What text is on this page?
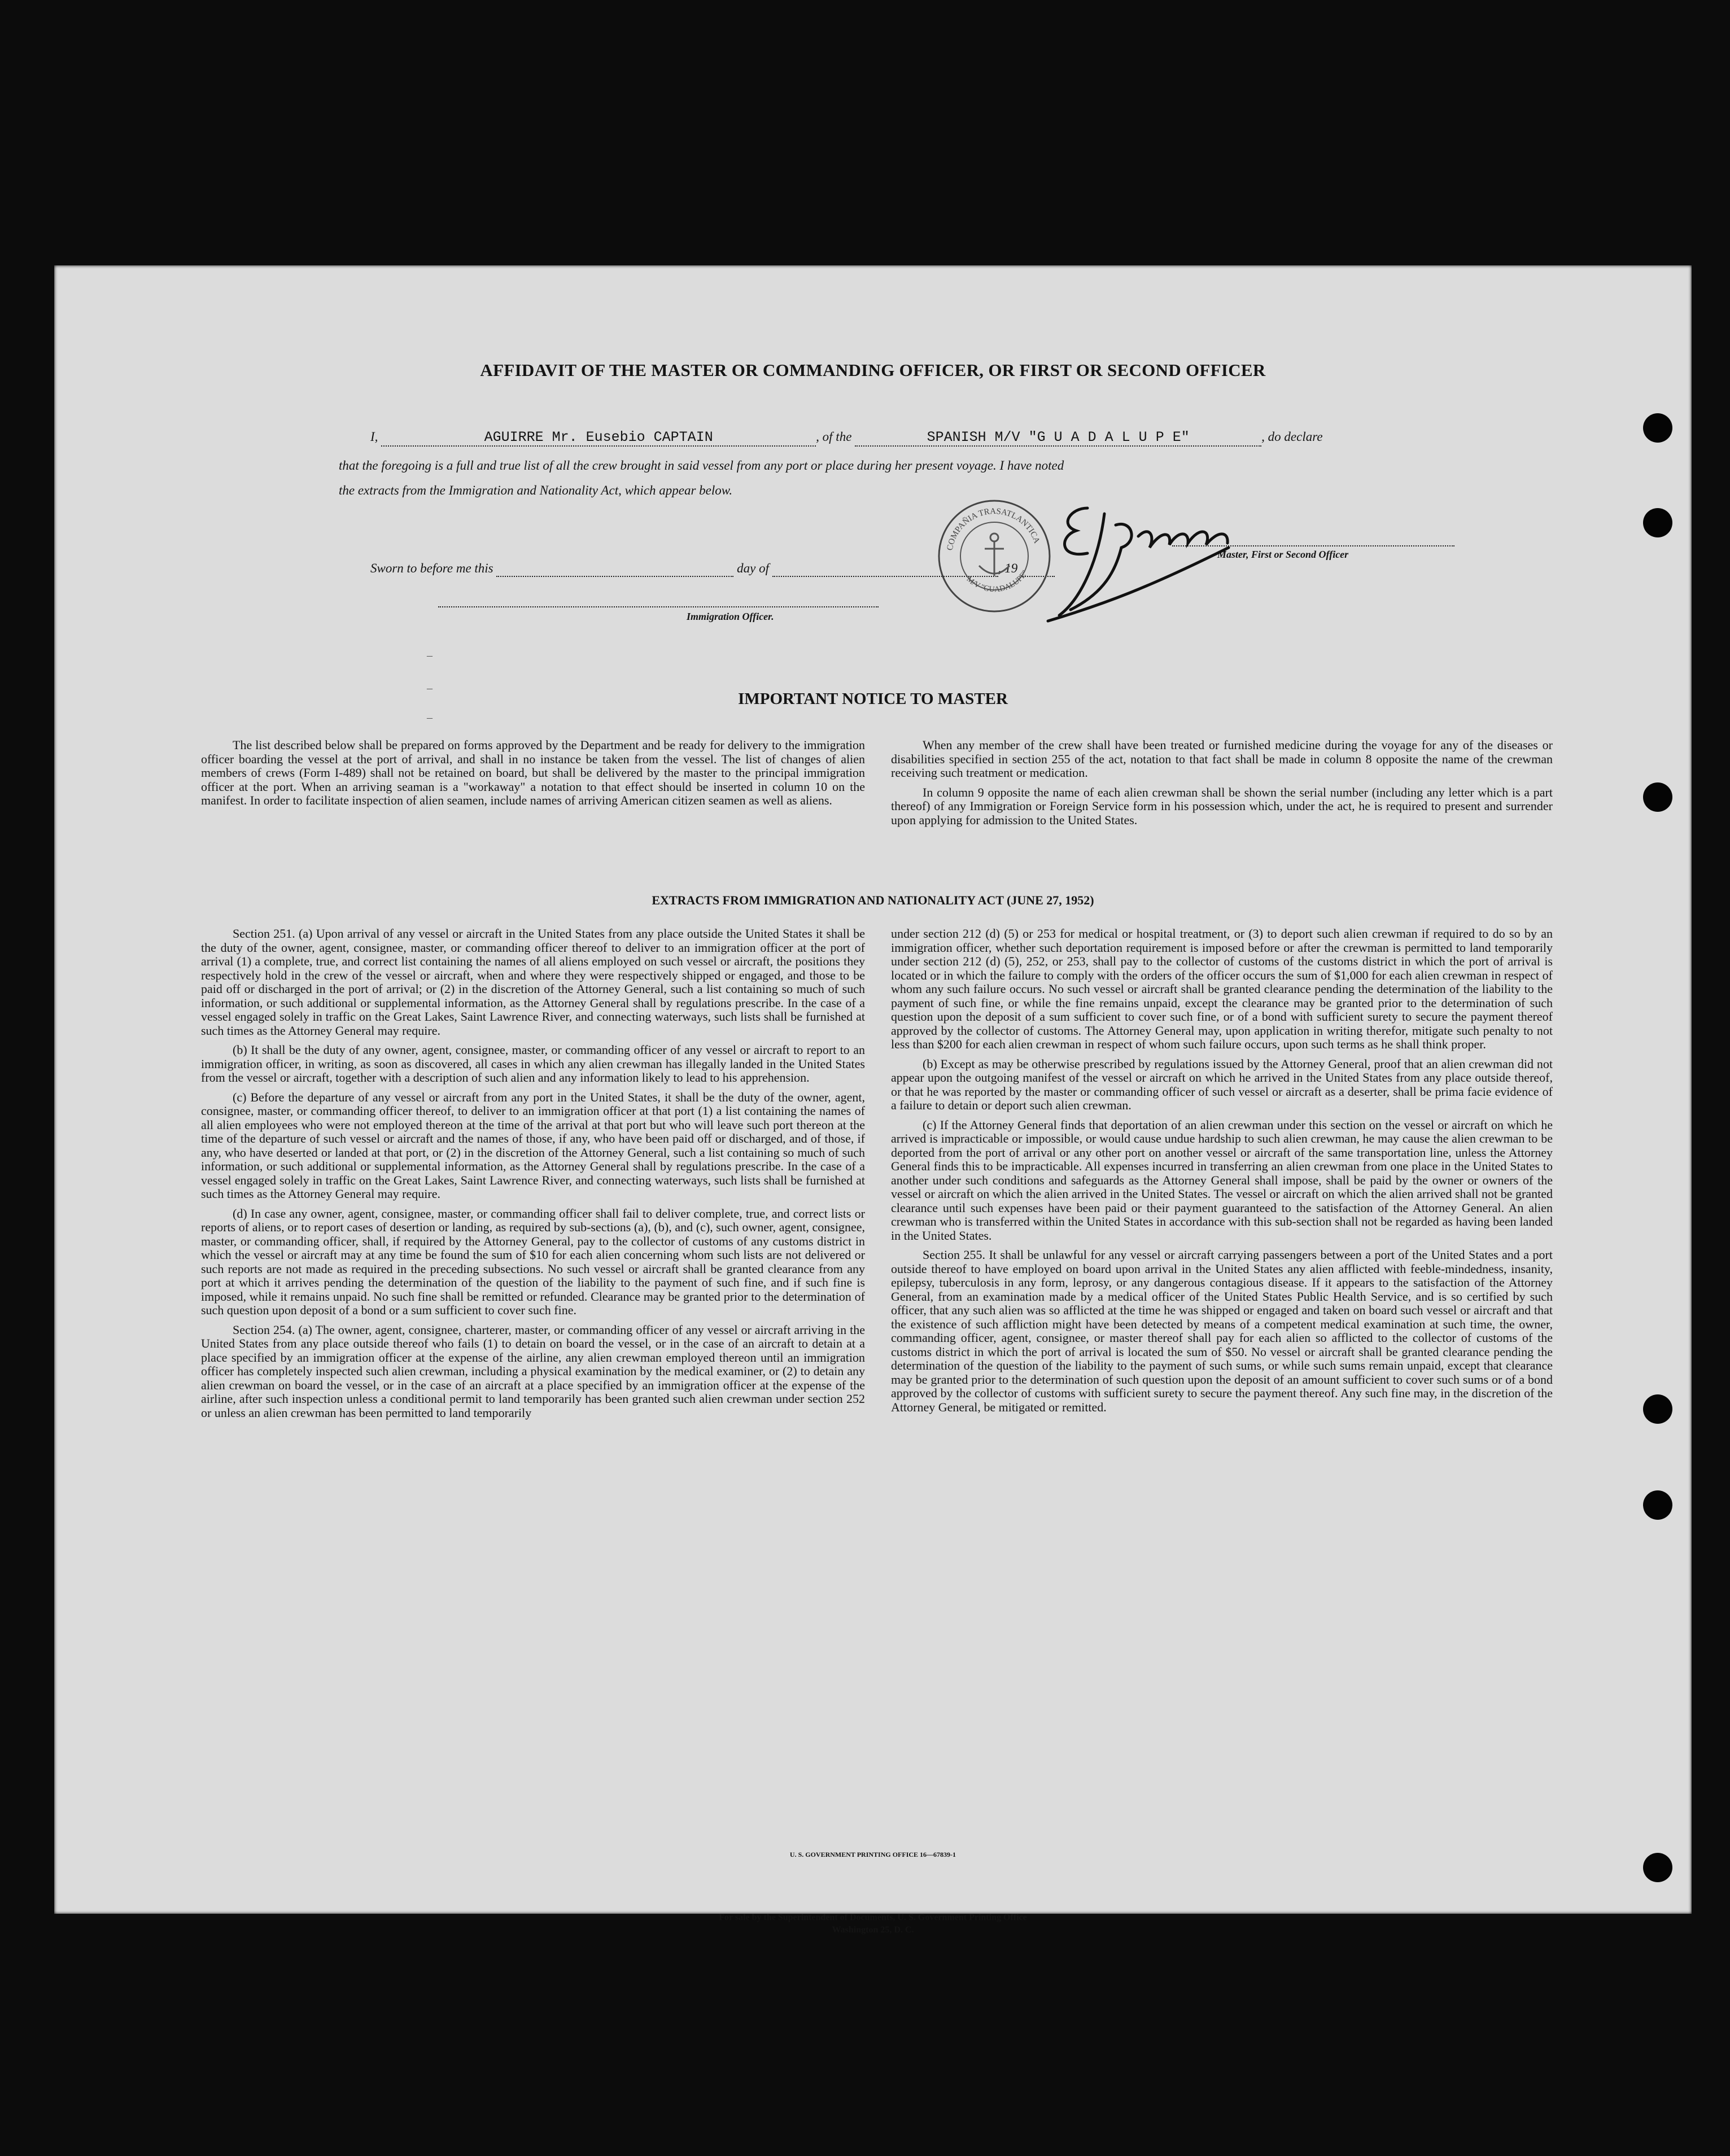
AFFIDAVIT OF THE MASTER OR COMMANDING OFFICER, OR FIRST OR SECOND OFFICER
I,	AGUIRRE Mr. Eusebio CAPTAIN	, of the	SPANISH M/V "G U A D A L U P E"	, do declare
that the foregoing is a full and true list of all the crew brought in said vessel from any port or place during her present voyage. I have noted
the extracts from the Immigration and Nationality Act, which appear below.
Sworn to before me this	day of	, 19
Master, First or Second Officer
Immigration Officer.
COMPAÑIA TRASATLANTICA
M/V "GUADALUPE"
–
–
–
IMPORTANT NOTICE TO MASTER

The list described below shall be prepared on forms approved by the Department and be ready for delivery to the immigration officer boarding the vessel at the port of arrival, and shall in no instance be taken from the vessel. The list of changes of alien members of crews (Form I-489) shall not be retained on board, but shall be delivered by the master to the principal immigration officer at the port. When an arriving seaman is a "workaway" a notation to that effect should be inserted in column 10 on the manifest. In order to facilitate inspection of alien seamen, include names of arriving American citizen seamen as well as aliens.

When any member of the crew shall have been treated or furnished medicine during the voyage for any of the diseases or disabilities specified in section 255 of the act, notation to that fact shall be made in column 8 opposite the name of the crewman receiving such treatment or medication.

In column 9 opposite the name of each alien crewman shall be shown the serial number (including any letter which is a part thereof) of any Immigration or Foreign Service form in his possession which, under the act, he is required to present and surrender upon applying for admission to the United States.

EXTRACTS FROM IMMIGRATION AND NATIONALITY ACT (JUNE 27, 1952)

Section 251. (a) Upon arrival of any vessel or aircraft in the United States from any place outside the United States it shall be the duty of the owner, agent, consignee, master, or commanding officer thereof to deliver to an immigration officer at the port of arrival (1) a complete, true, and correct list containing the names of all aliens employed on such vessel or aircraft, the positions they respectively hold in the crew of the vessel or aircraft, when and where they were respectively shipped or engaged, and those to be paid off or discharged in the port of arrival; or (2) in the discretion of the Attorney General, such a list containing so much of such information, or such additional or supplemental information, as the Attorney General shall by regulations prescribe. In the case of a vessel engaged solely in traffic on the Great Lakes, Saint Lawrence River, and connecting waterways, such lists shall be furnished at such times as the Attorney General may require.

(b) It shall be the duty of any owner, agent, consignee, master, or commanding officer of any vessel or aircraft to report to an immigration officer, in writing, as soon as discovered, all cases in which any alien crewman has illegally landed in the United States from the vessel or aircraft, together with a description of such alien and any information likely to lead to his apprehension.

(c) Before the departure of any vessel or aircraft from any port in the United States, it shall be the duty of the owner, agent, consignee, master, or commanding officer thereof, to deliver to an immigration officer at that port (1) a list containing the names of all alien employees who were not employed thereon at the time of the arrival at that port but who will leave such port thereon at the time of the departure of such vessel or aircraft and the names of those, if any, who have been paid off or discharged, and of those, if any, who have deserted or landed at that port, or (2) in the discretion of the Attorney General, such a list containing so much of such information, or such additional or supplemental information, as the Attorney General shall by regulations prescribe. In the case of a vessel engaged solely in traffic on the Great Lakes, Saint Lawrence River, and connecting waterways, such lists shall be furnished at such times as the Attorney General may require.

(d) In case any owner, agent, consignee, master, or commanding officer shall fail to deliver complete, true, and correct lists or reports of aliens, or to report cases of desertion or landing, as required by sub-sections (a), (b), and (c), such owner, agent, consignee, master, or commanding officer, shall, if required by the Attorney General, pay to the collector of customs of any customs district in which the vessel or aircraft may at any time be found the sum of $10 for each alien concerning whom such lists are not delivered or such reports are not made as required in the preceding subsections. No such vessel or aircraft shall be granted clearance from any port at which it arrives pending the determination of the question of the liability to the payment of such fine, and if such fine is imposed, while it remains unpaid. No such fine shall be remitted or refunded. Clearance may be granted prior to the determination of such question upon deposit of a bond or a sum sufficient to cover such fine.

Section 254. (a) The owner, agent, consignee, charterer, master, or commanding officer of any vessel or aircraft arriving in the United States from any place outside thereof who fails (1) to detain on board the vessel, or in the case of an aircraft to detain at a place specified by an immigration officer at the expense of the airline, any alien crewman employed thereon until an immigration officer has completely inspected such alien crewman, including a physical examination by the medical examiner, or (2) to detain any alien crewman on board the vessel, or in the case of an aircraft at a place specified by an immigration officer at the expense of the airline, after such inspection unless a conditional permit to land temporarily has been granted such alien crewman under section 252 or unless an alien crewman has been permitted to land temporarily

under section 212 (d) (5) or 253 for medical or hospital treatment, or (3) to deport such alien crewman if required to do so by an immigration officer, whether such deportation requirement is imposed before or after the crewman is permitted to land temporarily under section 212 (d) (5), 252, or 253, shall pay to the collector of customs of the customs district in which the port of arrival is located or in which the failure to comply with the orders of the officer occurs the sum of $1,000 for each alien crewman in respect of whom any such failure occurs. No such vessel or aircraft shall be granted clearance pending the determination of the liability to the payment of such fine, or while the fine remains unpaid, except the clearance may be granted prior to the determination of such question upon the deposit of a sum sufficient to cover such fine, or of a bond with sufficient surety to secure the payment thereof approved by the collector of customs. The Attorney General may, upon application in writing therefor, mitigate such penalty to not less than $200 for each alien crewman in respect of whom such failure occurs, upon such terms as he shall think proper.

(b) Except as may be otherwise prescribed by regulations issued by the Attorney General, proof that an alien crewman did not appear upon the outgoing manifest of the vessel or aircraft on which he arrived in the United States from any place outside thereof, or that he was reported by the master or commanding officer of such vessel or aircraft as a deserter, shall be prima facie evidence of a failure to detain or deport such alien crewman.

(c) If the Attorney General finds that deportation of an alien crewman under this section on the vessel or aircraft on which he arrived is impracticable or impossible, or would cause undue hardship to such alien crewman, he may cause the alien crewman to be deported from the port of arrival or any other port on another vessel or aircraft of the same transportation line, unless the Attorney General finds this to be impracticable. All expenses incurred in transferring an alien crewman from one place in the United States to another under such conditions and safeguards as the Attorney General shall impose, shall be paid by the owner or owners of the vessel or aircraft on which the alien arrived in the United States. The vessel or aircraft on which the alien arrived shall not be granted clearance until such expenses have been paid or their payment guaranteed to the satisfaction of the Attorney General. An alien crewman who is transferred within the United States in accordance with this sub-section shall not be regarded as having been landed in the United States.

Section 255. It shall be unlawful for any vessel or aircraft carrying passengers between a port of the United States and a port outside thereof to have employed on board upon arrival in the United States any alien afflicted with feeble-mindedness, insanity, epilepsy, tuberculosis in any form, leprosy, or any dangerous contagious disease. If it appears to the satisfaction of the Attorney General, from an examination made by a medical officer of the United States Public Health Service, and is so certified by such officer, that any such alien was so afflicted at the time he was shipped or engaged and taken on board such vessel or aircraft and that the existence of such affliction might have been detected by means of a competent medical examination at such time, the owner, commanding officer, agent, consignee, or master thereof shall pay for each alien so afflicted to the collector of customs of the customs district in which the port of arrival is located the sum of $50. No vessel or aircraft shall be granted clearance pending the determination of the question of the liability to the payment of such sums, or while such sums remain unpaid, except that clearance may be granted prior to the determination of such question upon the deposit of an amount sufficient to cover such sums or of a bond approved by the collector of customs with sufficient surety to secure the payment thereof. Any such fine may, in the discretion of the Attorney General, be mitigated or remitted.

U. S. GOVERNMENT PRINTING OFFICE 16—67839-1
For sale by the Superintendent of Documents, U. S. Government Printing Office
Washington 25, D. C.
